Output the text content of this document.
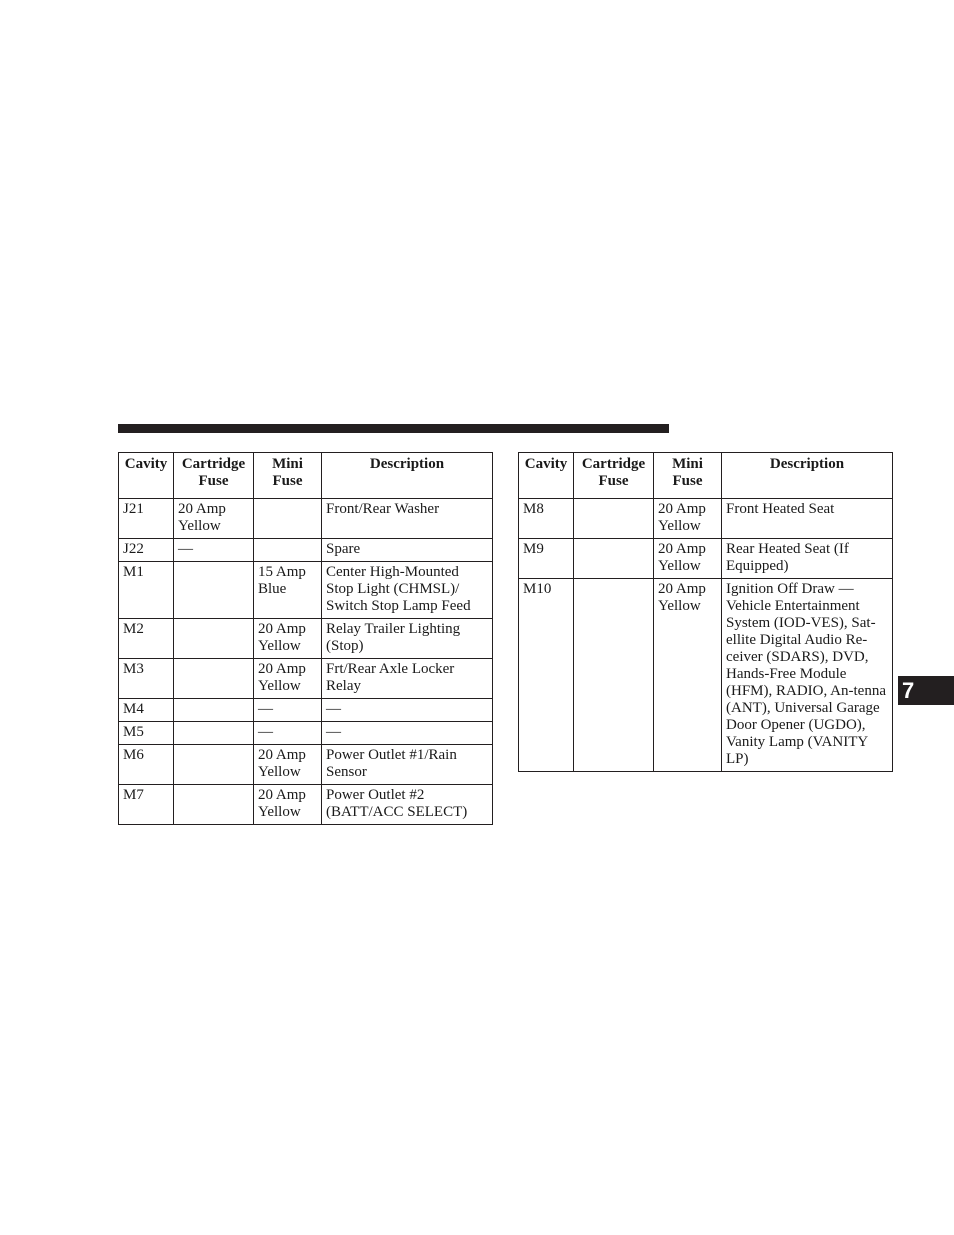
Cavity	Cartridge Fuse	Mini Fuse	Description
J21	20 Amp Yellow		Front/Rear Washer
J22	—		Spare
M1		15 Amp Blue	Center High-Mounted Stop Light (CHMSL)/ Switch Stop Lamp Feed
M2		20 Amp Yellow	Relay Trailer Lighting (Stop)
M3		20 Amp Yellow	Frt/Rear Axle Locker Relay
M4		—	—
M5		—	—
M6		20 Amp Yellow	Power Outlet #1/Rain Sensor
M7		20 Amp Yellow	Power Outlet #2 (BATT/ACC SELECT)
Cavity	Cartridge Fuse	Mini Fuse	Description
M8		20 Amp Yellow	Front Heated Seat
M9		20 Amp Yellow	Rear Heated Seat (If Equipped)
M10		20 Amp Yellow	Ignition Off Draw — Vehicle Entertainment System (IOD-VES), Sat-ellite Digital Audio Re-ceiver (SDARS), DVD, Hands-Free Module (HFM), RADIO, An-tenna (ANT), Universal Garage Door Opener (UGDO), Vanity Lamp (VANITY LP)
7
